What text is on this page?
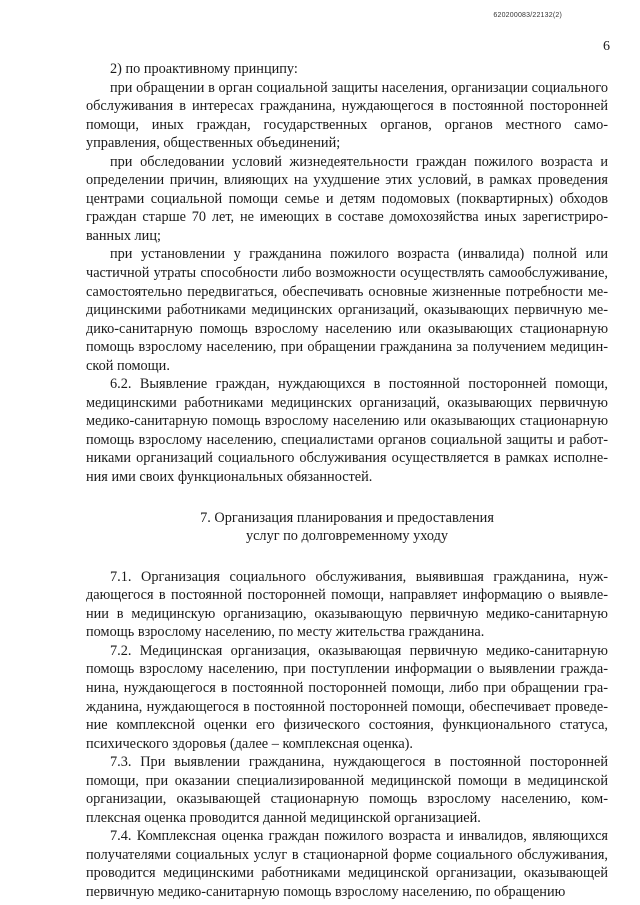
620200083/22132(2)
6

2) по проактивному принципу:

при обращении в орган социальной защиты населения, организации социального обслуживания в интересах гражданина, нуждающегося в постоянной посторонней помощи, иных граждан, государственных органов, органов местного самоуправления, общественных объединений;

при обследовании условий жизнедеятельности граждан пожилого возраста и определении причин, влияющих на ухудшение этих условий, в рамках проведения центрами социальной помощи семье и детям подомовых (поквартирных) обходов граждан старше 70 лет, не имеющих в составе домохозяйства иных зарегистрированных лиц;

при установлении у гражданина пожилого возраста (инвалида) полной или частичной утраты способности либо возможности осуществлять самообслуживание, самостоятельно передвигаться, обеспечивать основные жизненные потребности медицинскими работниками медицинских организаций, оказывающих первичную медико-санитарную помощь взрослому населению или оказывающих стационарную помощь взрослому населению, при обращении гражданина за получением медицинской помощи.

6.2. Выявление граждан, нуждающихся в постоянной посторонней помощи, медицинскими работниками медицинских организаций, оказывающих первичную медико-санитарную помощь взрослому населению или оказывающих стационарную помощь взрослому населению, специалистами органов социальной защиты и работниками организаций социального обслуживания осуществляется в рамках исполнения ими своих функциональных обязанностей.

7. Организация планирования и предоставления
услуг по долговременному уходу

7.1. Организация социального обслуживания, выявившая гражданина, нуждающегося в постоянной посторонней помощи, направляет информацию о выявлении в медицинскую организацию, оказывающую первичную медико-санитарную помощь взрослому населению, по месту жительства гражданина.

7.2. Медицинская организация, оказывающая первичную медико-санитарную помощь взрослому населению, при поступлении информации о выявлении гражданина, нуждающегося в постоянной посторонней помощи, либо при обращении гражданина, нуждающегося в постоянной посторонней помощи, обеспечивает проведение комплексной оценки его физического состояния, функционального статуса, психического здоровья (далее – комплексная оценка).

7.3. При выявлении гражданина, нуждающегося в постоянной посторонней помощи, при оказании специализированной медицинской помощи в медицинской организации, оказывающей стационарную помощь взрослому населению, комплексная оценка проводится данной медицинской организацией.

7.4. Комплексная оценка граждан пожилого возраста и инвалидов, являющихся получателями социальных услуг в стационарной форме социального обслуживания, проводится медицинскими работниками медицинской организации, оказывающей первичную медико-санитарную помощь взрослому населению, по обращению
